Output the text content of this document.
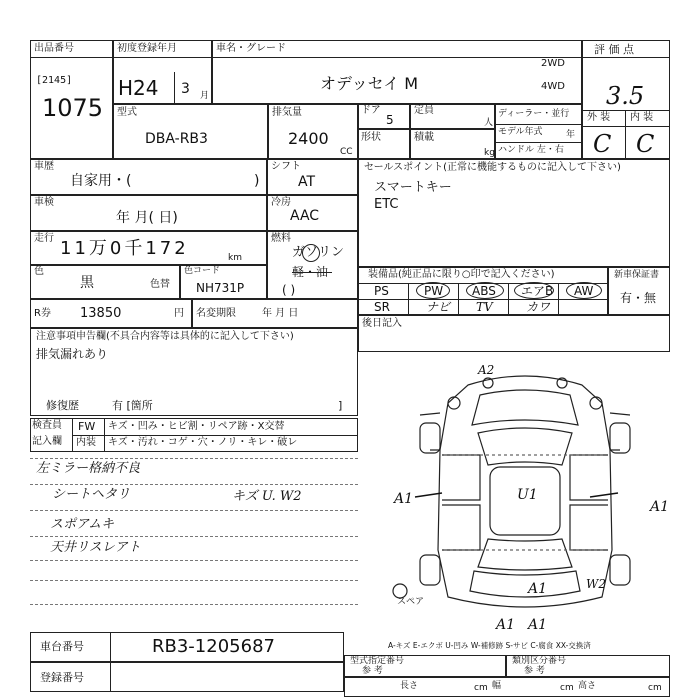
出品番号
[2145]
1075
初度登録年月
H24 3 月
車名・グレード
オデッセイ M
2WD
4WD
評 価 点
3.5
外 装 内 装
C C
型式
DBA-RB3
排気量
2400
CC
ドア
5
定員
人
形状	積載
kg
ディーラー・並行
モデル年式	年
ハンドル 左・右
車歴
自家用・(	)
シフト
AT
車検
年 月( 日)
冷房
AAC
走行 11万0千172	km
燃料
ガソリン
軽・油
( )
色
黒	色替
色コード
NH731P
セールスポイント(正常に機能するものに記入して下さい)
スマートキー
ETC
装備品(純正品に限り○印で記入ください)
PS	PW ABS エアB AW
SR	ナビ TV	カワ
新車保証書
有・無
R券 13850	円 名変期限	年 月 日
注意事項申告欄(不具合内容等は具体的に記入して下さい)
排気漏れあり
修復歴	有 [箇所	]
後日記入
検査員
記入欄
FW キズ・凹み・ヒビ割・リペア跡・X交替
内装 キズ・汚れ・コゲ・穴・ノリ・キレ・破レ
左ミラー格納不良
シートヘタリ
スポアムキ
天井リスレアト
キズ U. W2
A2
A1	U1
A1
W2
A1
A1 A1
スペア
A-キズ E-エクボ U-凹み W-補修跡 S-サビ C-腐食 XX-交換済
車台番号	RB3-1205687
登録番号
型式指定番号
参 考
類別区分番号
参 考
長さ	cm 幅	cm 高さ	cm
